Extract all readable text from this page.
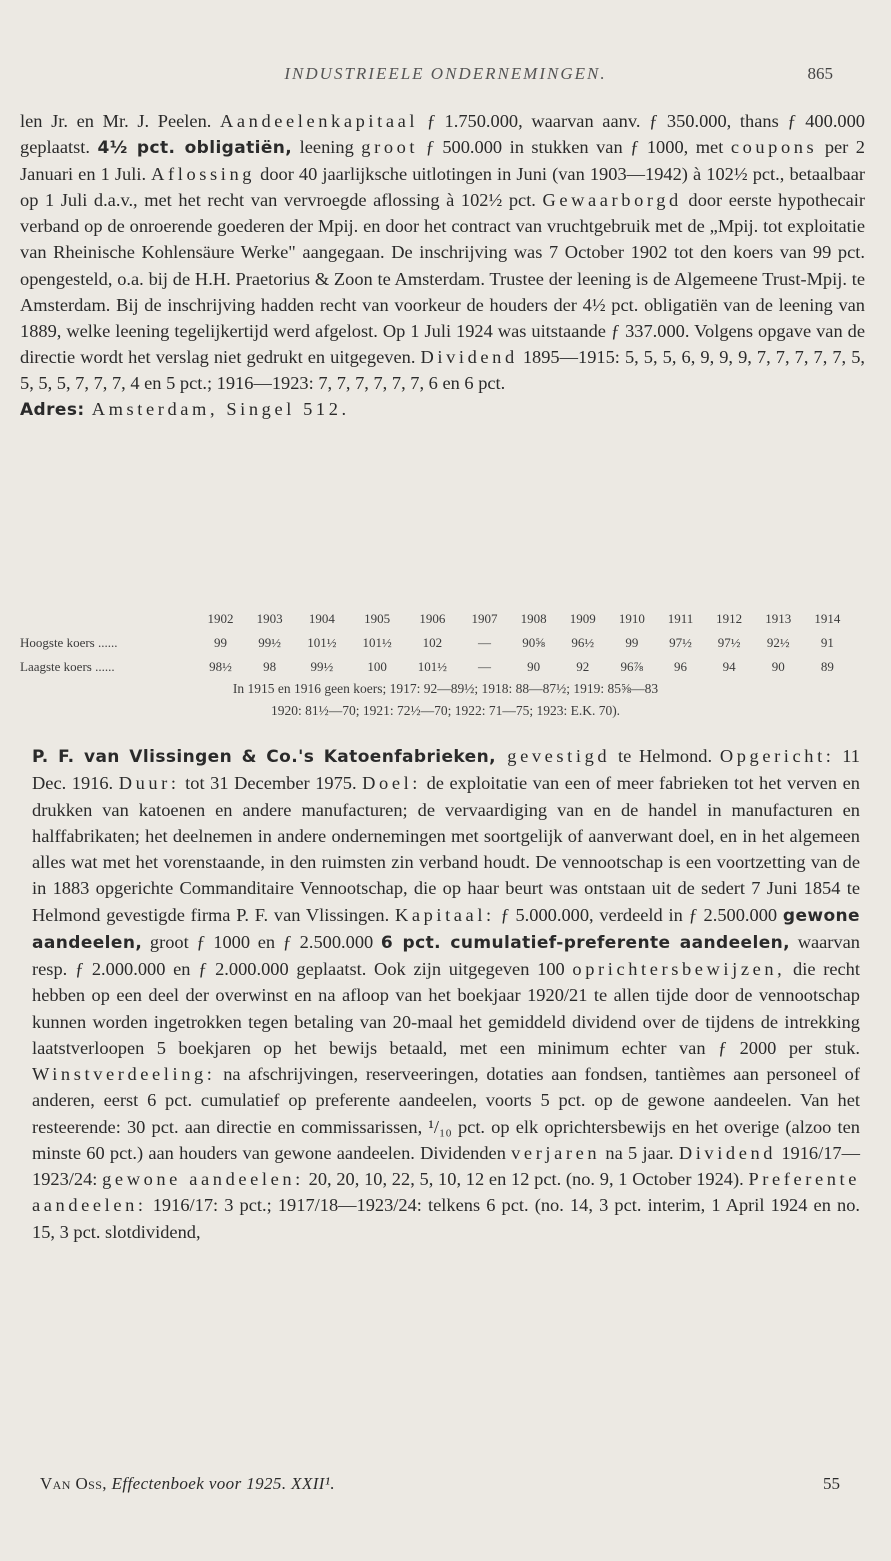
INDUSTRIEELE ONDERNEMINGEN.	865

len Jr. en Mr. J. Peelen. Aandeelenkapitaal ƒ 1.750.000, waarvan aanv. ƒ 350.000, thans ƒ 400.000 geplaatst. 4½ pct. obligatiën, leening groot ƒ 500.000 in stukken van ƒ 1000, met coupons per 2 Januari en 1 Juli. Aflossing door 40 jaarlijksche uitlotingen in Juni (van 1903—1942) à 102½ pct., betaalbaar op 1 Juli d.a.v., met het recht van vervroegde aflossing à 102½ pct. Gewaarborgd door eerste hypothecair verband op de onroerende goederen der Mpij. en door het contract van vruchtgebruik met de „Mpij. tot exploitatie van Rheinische Kohlensäure Werke" aangegaan. De inschrijving was 7 October 1902 tot den koers van 99 pct. opengesteld, o.a. bij de H.H. Praetorius & Zoon te Amsterdam. Trustee der leening is de Algemeene Trust-Mpij. te Amsterdam. Bij de inschrijving hadden recht van voorkeur de houders der 4½ pct. obligatiën van de leening van 1889, welke leening tegelijkertijd werd afgelost. Op 1 Juli 1924 was uitstaande ƒ 337.000. Volgens opgave van de directie wordt het verslag niet gedrukt en uitgegeven. Dividend 1895—1915: 5, 5, 5, 6, 9, 9, 9, 7, 7, 7, 7, 7, 5, 5, 5, 5, 7, 7, 7, 4 en 5 pct.; 1916—1923: 7, 7, 7, 7, 7, 7, 6 en 6 pct.

Adres: Amsterdam, Singel 512.

	1902	1903	1904	1905	1906	1907	1908	1909	1910	1911	1912	1913	1914
Hoogste koers ......	99	99½	101½	101½	102	—	90⅝	96½	99	97½	97½	92½	91
Laagste koers ......	98½	98	99½	100	101½	—	90	92	96⅞	96	94	90	89
In 1915 en 1916 geen koers; 1917: 92—89½; 1918: 88—87½; 1919: 85⅝—83
1920: 81½—70; 1921: 72½—70; 1922: 71—75; 1923: E.K. 70).

P. F. van Vlissingen & Co.'s Katoenfabrieken, gevestigd te Helmond. Opgericht: 11 Dec. 1916. Duur: tot 31 December 1975. Doel: de exploitatie van een of meer fabrieken tot het verven en drukken van katoenen en andere manufacturen; de vervaardiging van en de handel in manufacturen en halffabrikaten; het deelnemen in andere ondernemingen met soortgelijk of aanverwant doel, en in het algemeen alles wat met het vorenstaande, in den ruimsten zin verband houdt. De vennootschap is een voortzetting van de in 1883 opgerichte Commanditaire Vennootschap, die op haar beurt was ontstaan uit de sedert 7 Juni 1854 te Helmond gevestigde firma P. F. van Vlissingen. Kapitaal: ƒ 5.000.000, verdeeld in ƒ 2.500.000 gewone aandeelen, groot ƒ 1000 en ƒ 2.500.000 6 pct. cumulatief-preferente aandeelen, waarvan resp. ƒ 2.000.000 en ƒ 2.000.000 geplaatst. Ook zijn uitgegeven 100 oprichtersbewijzen, die recht hebben op een deel der overwinst en na afloop van het boekjaar 1920/21 te allen tijde door de vennootschap kunnen worden ingetrokken tegen betaling van 20-maal het gemiddeld dividend over de tijdens de intrekking laatstverloopen 5 boekjaren op het bewijs betaald, met een minimum echter van ƒ 2000 per stuk. Winstverdeeling: na afschrijvingen, reserveeringen, dotaties aan fondsen, tantièmes aan personeel of anderen, eerst 6 pct. cumulatief op preferente aandeelen, voorts 5 pct. op de gewone aandeelen. Van het resteerende: 30 pct. aan directie en commissarissen, ¹/₁₀ pct. op elk oprichtersbewijs en het overige (alzoo ten minste 60 pct.) aan houders van gewone aandeelen. Dividenden verjaren na 5 jaar. Dividend 1916/17—1923/24: gewone aandeelen: 20, 20, 10, 22, 5, 10, 12 en 12 pct. (no. 9, 1 October 1924). Preferente aandeelen: 1916/17: 3 pct.; 1917/18—1923/24: telkens 6 pct. (no. 14, 3 pct. interim, 1 April 1924 en no. 15, 3 pct. slotdividend,

Van Oss, Effectenboek voor 1925. XXII¹.	55
